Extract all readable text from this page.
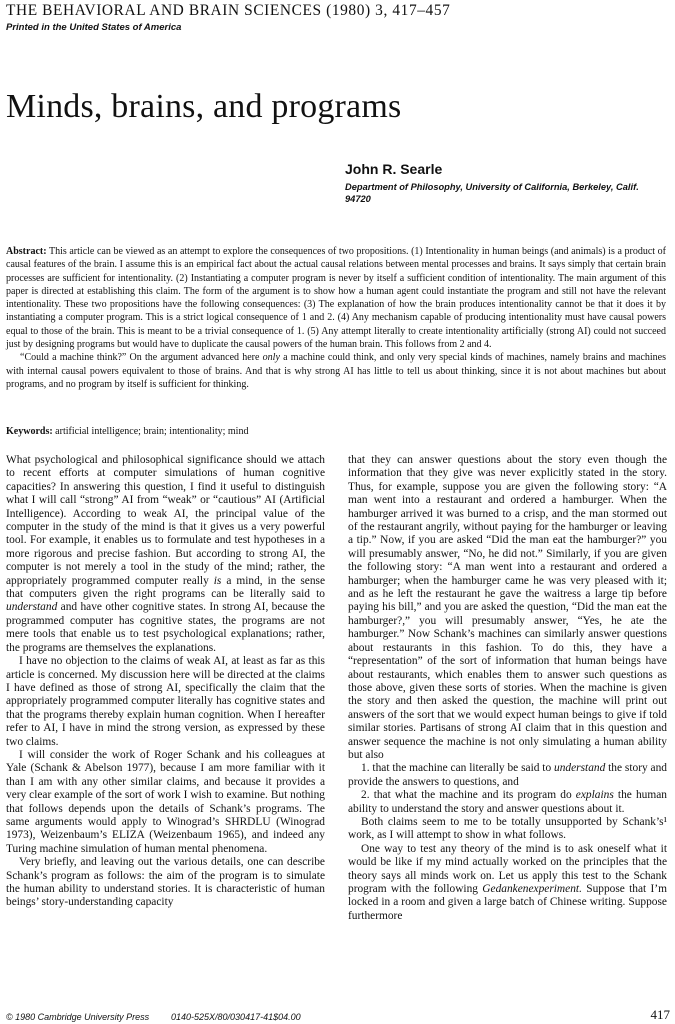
THE BEHAVIORAL AND BRAIN SCIENCES (1980) 3, 417–457
Printed in the United States of America
Minds, brains, and programs
John R. Searle
Department of Philosophy, University of California, Berkeley, Calif. 94720

Abstract: This article can be viewed as an attempt to explore the consequences of two propositions. (1) Intentionality in human beings (and animals) is a product of causal features of the brain. I assume this is an empirical fact about the actual causal relations between mental processes and brains. It says simply that certain brain processes are sufficient for intentionality. (2) Instantiating a computer program is never by itself a sufficient condition of intentionality. The main argument of this paper is directed at establishing this claim. The form of the argument is to show how a human agent could instantiate the program and still not have the relevant intentionality. These two propositions have the following consequences: (3) The explanation of how the brain produces intentionality cannot be that it does it by instantiating a computer program. This is a strict logical consequence of 1 and 2. (4) Any mechanism capable of producing intentionality must have causal powers equal to those of the brain. This is meant to be a trivial consequence of 1. (5) Any attempt literally to create intentionality artificially (strong AI) could not succeed just by designing programs but would have to duplicate the causal powers of the human brain. This follows from 2 and 4.

“Could a machine think?” On the argument advanced here only a machine could think, and only very special kinds of machines, namely brains and machines with internal causal powers equivalent to those of brains. And that is why strong AI has little to tell us about thinking, since it is not about machines but about programs, and no program by itself is sufficient for thinking.

Keywords: artificial intelligence; brain; intentionality; mind

What psychological and philosophical significance should we attach to recent efforts at computer simulations of human cognitive capacities? In answering this question, I find it useful to distinguish what I will call “strong” AI from “weak” or “cautious” AI (Artificial Intelligence). According to weak AI, the principal value of the computer in the study of the mind is that it gives us a very powerful tool. For example, it enables us to formulate and test hypotheses in a more rigorous and precise fashion. But according to strong AI, the computer is not merely a tool in the study of the mind; rather, the appropriately programmed computer really is a mind, in the sense that computers given the right programs can be literally said to understand and have other cognitive states. In strong AI, because the programmed computer has cognitive states, the programs are not mere tools that enable us to test psychological explanations; rather, the programs are themselves the explanations.

I have no objection to the claims of weak AI, at least as far as this article is concerned. My discussion here will be directed at the claims I have defined as those of strong AI, specifically the claim that the appropriately programmed computer literally has cognitive states and that the programs thereby explain human cognition. When I hereafter refer to AI, I have in mind the strong version, as expressed by these two claims.

I will consider the work of Roger Schank and his colleagues at Yale (Schank & Abelson 1977), because I am more familiar with it than I am with any other similar claims, and because it provides a very clear example of the sort of work I wish to examine. But nothing that follows depends upon the details of Schank’s programs. The same arguments would apply to Winograd’s SHRDLU (Winograd 1973), Weizenbaum’s ELIZA (Weizenbaum 1965), and indeed any Turing machine simulation of human mental phenomena.

Very briefly, and leaving out the various details, one can describe Schank’s program as follows: the aim of the program is to simulate the human ability to understand stories. It is characteristic of human beings’ story-understanding capacity

that they can answer questions about the story even though the information that they give was never explicitly stated in the story. Thus, for example, suppose you are given the following story: “A man went into a restaurant and ordered a hamburger. When the hamburger arrived it was burned to a crisp, and the man stormed out of the restaurant angrily, without paying for the hamburger or leaving a tip.” Now, if you are asked “Did the man eat the hamburger?” you will presumably answer, “No, he did not.” Similarly, if you are given the following story: “A man went into a restaurant and ordered a hamburger; when the hamburger came he was very pleased with it; and as he left the restaurant he gave the waitress a large tip before paying his bill,” and you are asked the question, “Did the man eat the hamburger?,” you will presumably answer, “Yes, he ate the hamburger.” Now Schank’s machines can similarly answer questions about restaurants in this fashion. To do this, they have a “representation” of the sort of information that human beings have about restaurants, which enables them to answer such questions as those above, given these sorts of stories. When the machine is given the story and then asked the question, the machine will print out answers of the sort that we would expect human beings to give if told similar stories. Partisans of strong AI claim that in this question and answer sequence the machine is not only simulating a human ability but also

1. that the machine can literally be said to understand the story and provide the answers to questions, and

2. that what the machine and its program do explains the human ability to understand the story and answer questions about it.

Both claims seem to me to be totally unsupported by Schank’s¹ work, as I will attempt to show in what follows.

One way to test any theory of the mind is to ask oneself what it would be like if my mind actually worked on the principles that the theory says all minds work on. Let us apply this test to the Schank program with the following Gedankenexperiment. Suppose that I’m locked in a room and given a large batch of Chinese writing. Suppose furthermore

© 1980 Cambridge University Press 0140-525X/80/030417-41$04.00	417
